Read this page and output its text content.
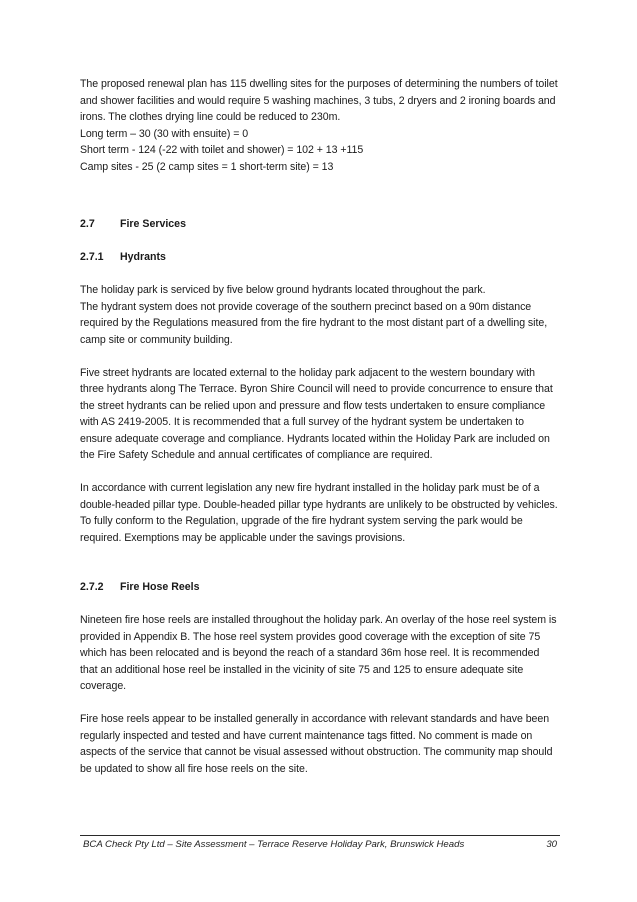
The proposed renewal plan has 115 dwelling sites for the purposes of determining the numbers of toilet and shower facilities and would require 5 washing machines, 3 tubs, 2 dryers and 2 ironing boards and irons. The clothes drying line could be reduced to 230m.

Long term – 30 (30 with ensuite) = 0

Short term - 124 (-22 with toilet and shower) = 102 + 13 +115

Camp sites - 25 (2 camp sites = 1 short-term site) = 13

2.7	Fire Services
2.7.1	Hydrants

The holiday park is serviced by five below ground hydrants located throughout the park.

The hydrant system does not provide coverage of the southern precinct based on a 90m distance required by the Regulations measured from the fire hydrant to the most distant part of a dwelling site, camp site or community building.

Five street hydrants are located external to the holiday park adjacent to the western boundary with three hydrants along The Terrace. Byron Shire Council will need to provide concurrence to ensure that the street hydrants can be relied upon and pressure and flow tests undertaken to ensure compliance with AS 2419-2005. It is recommended that a full survey of the hydrant system be undertaken to ensure adequate coverage and compliance. Hydrants located within the Holiday Park are included on the Fire Safety Schedule and annual certificates of compliance are required.

In accordance with current legislation any new fire hydrant installed in the holiday park must be of a double-headed pillar type. Double-headed pillar type hydrants are unlikely to be obstructed by vehicles. To fully conform to the Regulation, upgrade of the fire hydrant system serving the park would be required. Exemptions may be applicable under the savings provisions.

2.7.2	Fire Hose Reels

Nineteen fire hose reels are installed throughout the holiday park. An overlay of the hose reel system is provided in Appendix B. The hose reel system provides good coverage with the exception of site 75 which has been relocated and is beyond the reach of a standard 36m hose reel. It is recommended that an additional hose reel be installed in the vicinity of site 75 and 125 to ensure adequate site coverage.

Fire hose reels appear to be installed generally in accordance with relevant standards and have been regularly inspected and tested and have current maintenance tags fitted. No comment is made on aspects of the service that cannot be visual assessed without obstruction. The community map should be updated to show all fire hose reels on the site.

BCA Check Pty Ltd – Site Assessment – Terrace Reserve Holiday Park, Brunswick Heads	30
